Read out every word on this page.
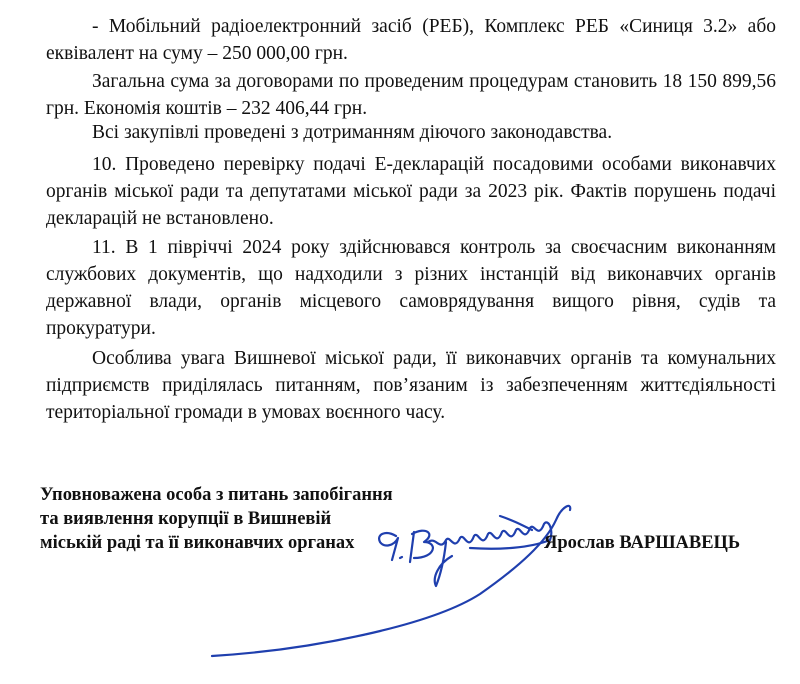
- Мобільний радіоелектронний засіб (РЕБ), Комплекс РЕБ «Синиця 3.2» або еквівалент на суму – 250 000,00 грн.

Загальна сума за договорами по проведеним процедурам становить 18 150 899,56 грн. Економія коштів – 232 406,44 грн.

Всі закупівлі проведені з дотриманням діючого законодавства.

10. Проведено перевірку подачі Е-декларацій посадовими особами виконавчих органів міської ради та депутатами міської ради за 2023 рік. Фактів порушень подачі декларацій не встановлено.

11. В 1 півріччі 2024 року здійснювався контроль за своєчасним виконанням службових документів, що надходили з різних інстанцій від виконавчих органів державної влади, органів місцевого самоврядування вищого рівня, судів та прокуратури.

Особлива увага Вишневої міської ради, її виконавчих органів та комунальних підприємств приділялась питанням, пов’язаним із забезпеченням життєдіяльності територіальної громади в умовах воєнного часу.

Уповноважена особа з питань запобігання
та виявлення корупції в Вишневій
міській раді та її виконавчих органах	Ярослав ВАРШАВЕЦЬ
